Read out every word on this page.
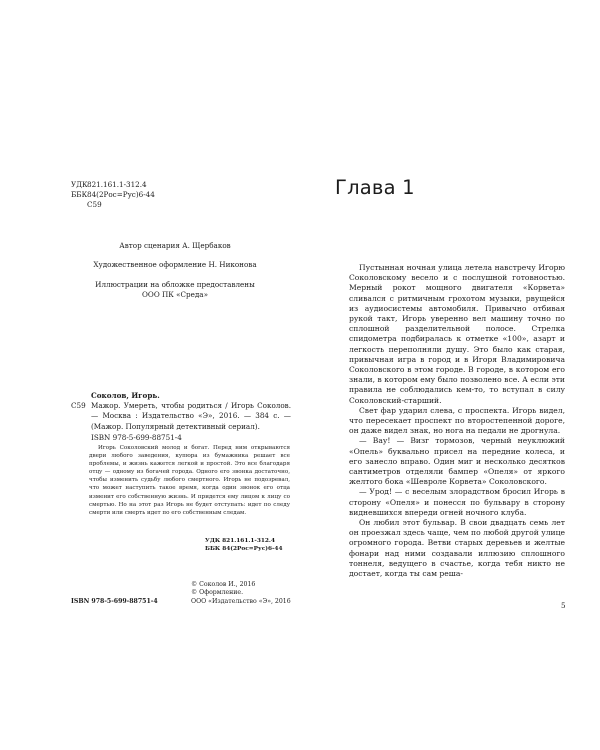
УДК 821.161.1-312.4
ББК 84(2Рос=Рус)6-44
С59
Автор сценария А. Щербаков
Художественное оформление Н. Никонова
Иллюстрации на обложке предоставлены
ООО ПК «Среда»
Соколов, Игорь.
С59 Мажор. Умереть, чтобы родиться / Игорь Соколов. — Москва : Издательство «Э», 2016. — 384 с. — (Мажор. Популярный детективный сериал).
ISBN 978-5-699-88751-4
Игорь Соколовский молод и богат. Перед ним открываются двери любого заведения, купюра из бумажника решает все проблемы, и жизнь кажется легкой и простой. Это все благодаря отцу — одному из богачей города. Одного его звонка достаточно, чтобы изменить судьбу любого смертного. Игорь не подозревал, что может наступить такое время, когда один звонок его отца изменит его собственную жизнь. И придется ему лицом к лицу со смертью. Но на этот раз Игорь не будет отступать: идет по следу смерти или смерть идет по его собственным следам.
УДК 821.161.1-312.4
ББК 84(2Рос=Рус)6-44
ISBN 978-5-699-88751-4
© Соколов И., 2016
© Оформление.
ООО «Издательство «Э», 2016
Глава 1

Пустынная ночная улица летела навстречу Игорю Соколовскому весело и с послушной готовностью. Мерный рокот мощного двигателя «Корвета» сливался с ритмичным грохотом музыки, рвущейся из аудиосистемы автомобиля. Привычно отбивая рукой такт, Игорь уверенно вел машину точно по сплошной разделительной полосе. Стрелка спидометра подбиралась к отметке «100», азарт и легкость переполняли душу. Это было как старая, привычная игра в город и в Игоря Владимировича Соколовского в этом городе. В городе, в котором его знали, в котором ему было позволено все. А если эти правила не соблюдались кем-то, то вступал в силу Соколовский-старший.

Свет фар ударил слева, с проспекта. Игорь видел, что пересекает проспект по второстепенной дороге, он даже видел знак, но нога на педали не дрогнула.

— Вау! — Визг тормозов, черный неуклюжий «Опель» буквально присел на передние колеса, и его занесло вправо. Один миг и несколько десятков сантиметров отделяли бампер «Опеля» от яркого желтого бока «Шевроле Корвета» Соколовского.

— Урод! — с веселым злорадством бросил Игорь в сторону «Опеля» и понесся по бульвару в сторону видневшихся впереди огней ночного клуба.

Он любил этот бульвар. В свои двадцать семь лет он проезжал здесь чаще, чем по любой другой улице огромного города. Ветви старых деревьев и желтые фонари над ними создавали иллюзию сплошного тоннеля, ведущего в счастье, когда тебя никто не достает, когда ты сам реша-

5
